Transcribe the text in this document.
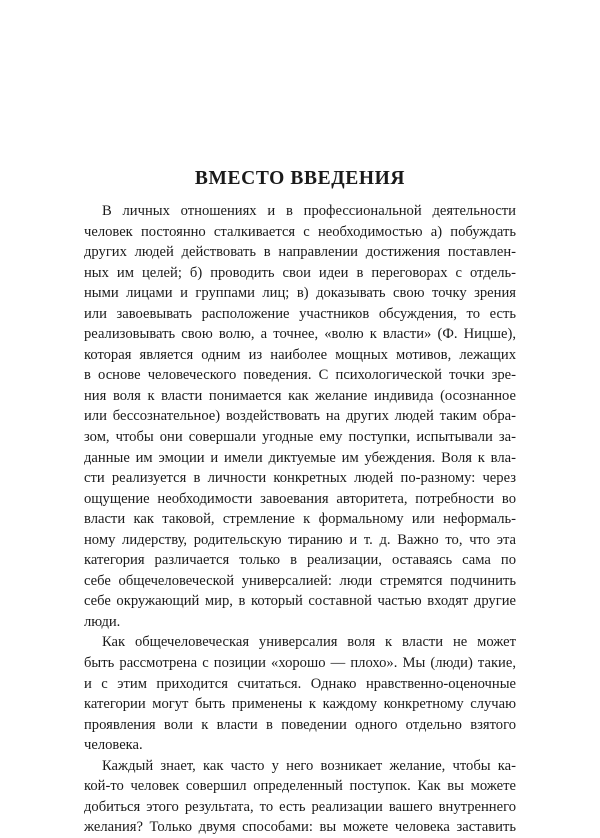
ВМЕСТО ВВЕДЕНИЯ

В личных отношениях и в профессиональной деятельности
человек постоянно сталкивается с необходимостью а) побуждать
других людей действовать в направлении достижения поставлен-
ных им целей; б) проводить свои идеи в переговорах с отдель-
ными лицами и группами лиц; в) доказывать свою точку зрения
или завоевывать расположение участников обсуждения, то есть
реализовывать свою волю, а точнее, «волю к власти» (Ф. Ницше),
которая является одним из наиболее мощных мотивов, лежащих
в основе человеческого поведения. С психологической точки зре-
ния воля к власти понимается как желание индивида (осознанное
или бессознательное) воздействовать на других людей таким обра-
зом, чтобы они совершали угодные ему поступки, испытывали за-
данные им эмоции и имели диктуемые им убеждения. Воля к вла-
сти реализуется в личности конкретных людей по-разному: через
ощущение необходимости завоевания авторитета, потребности во
власти как таковой, стремление к формальному или неформаль-
ному лидерству, родительскую тиранию и т. д. Важно то, что эта
категория различается только в реализации, оставаясь сама по
себе общечеловеческой универсалией: люди стремятся подчинить
себе окружающий мир, в который составной частью входят другие
люди.

Как общечеловеческая универсалия воля к власти не может
быть рассмотрена с позиции «хорошо — плохо». Мы (люди) такие,
и с этим приходится считаться. Однако нравственно-оценочные
категории могут быть применены к каждому конкретному случаю
проявления воли к власти в поведении одного отдельно взятого
человека.

Каждый знает, как часто у него возникает желание, чтобы ка-
кой-то человек совершил определенный поступок. Как вы можете
добиться этого результата, то есть реализации вашего внутреннего
желания? Только двумя способами: вы можете человека заставить
